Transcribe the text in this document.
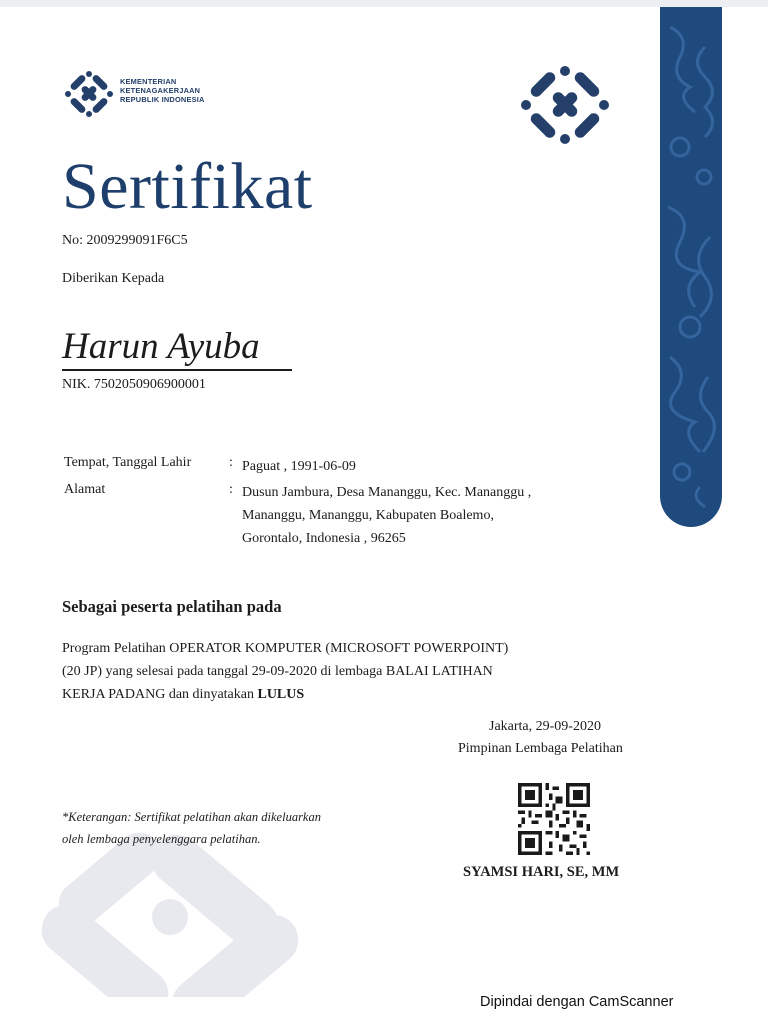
KEMENTERIAN
KETENAGAKERJAAN
REPUBLIK INDONESIA
Sertifikat
No: 2009299091F6C5
Diberikan Kepada
Harun Ayuba
NIK. 7502050906900001
Tempat, Tanggal Lahir	: Paguat , 1991-06-09
Alamat	: Dusun Jambura, Desa Mananggu, Kec. Mananggu ,
Mananggu, Mananggu, Kabupaten Boalemo,
Gorontalo, Indonesia , 96265
Sebagai peserta pelatihan pada
Program Pelatihan OPERATOR KOMPUTER (MICROSOFT POWERPOINT)
(20 JP) yang selesai pada tanggal 29-09-2020 di lembaga BALAI LATIHAN
KERJA PADANG dan dinyatakan LULUS
Jakarta, 29-09-2020
Pimpinan Lembaga Pelatihan
SYAMSI HARI, SE, MM
*Keterangan: Sertifikat pelatihan akan dikeluarkan
oleh lembaga penyelenggara pelatihan.
Dipindai dengan CamScanner
